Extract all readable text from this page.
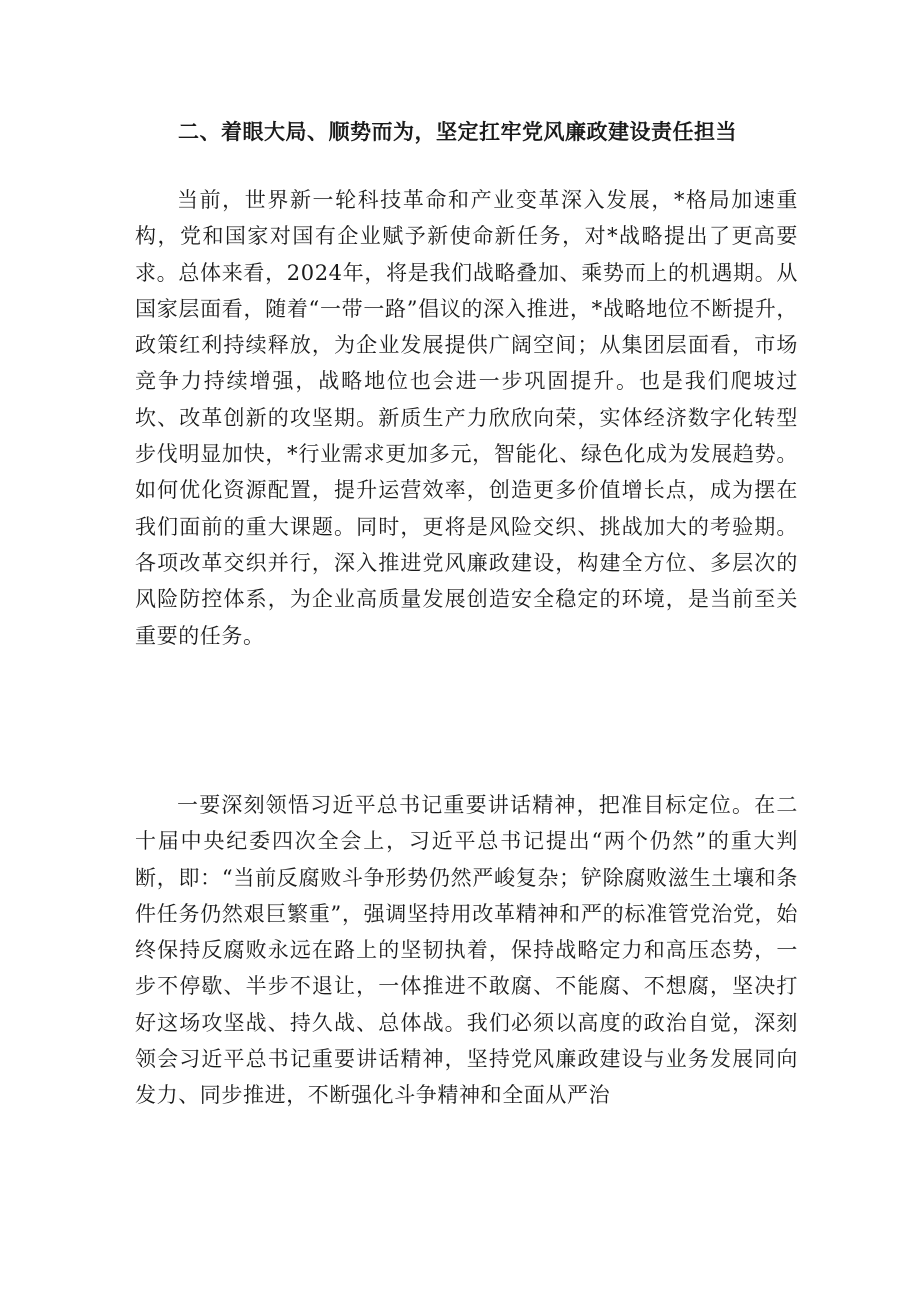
二、着眼大局、顺势而为，坚定扛牢党风廉政建设责任担当

当前，世界新一轮科技革命和产业变革深入发展，*格局加速重构，党和国家对国有企业赋予新使命新任务，对*战略提出了更高要求。总体来看，2024年，将是我们战略叠加、乘势而上的机遇期。从国家层面看，随着“一带一路”倡议的深入推进，*战略地位不断提升，政策红利持续释放，为企业发展提供广阔空间；从集团层面看，市场竞争力持续增强，战略地位也会进一步巩固提升。也是我们爬坡过坎、改革创新的攻坚期。新质生产力欣欣向荣，实体经济数字化转型步伐明显加快，*行业需求更加多元，智能化、绿色化成为发展趋势。如何优化资源配置，提升运营效率，创造更多价值增长点，成为摆在我们面前的重大课题。同时，更将是风险交织、挑战加大的考验期。各项改革交织并行，深入推进党风廉政建设，构建全方位、多层次的风险防控体系，为企业高质量发展创造安全稳定的环境，是当前至关重要的任务。

一要深刻领悟习近平总书记重要讲话精神，把准目标定位。在二十届中央纪委四次全会上，习近平总书记提出“两个仍然”的重大判断，即：“当前反腐败斗争形势仍然严峻复杂；铲除腐败滋生土壤和条件任务仍然艰巨繁重”，强调坚持用改革精神和严的标准管党治党，始终保持反腐败永远在路上的坚韧执着，保持战略定力和高压态势，一步不停歇、半步不退让，一体推进不敢腐、不能腐、不想腐，坚决打好这场攻坚战、持久战、总体战。我们必须以高度的政治自觉，深刻领会习近平总书记重要讲话精神，坚持党风廉政建设与业务发展同向发力、同步推进，不断强化斗争精神和全面从严治
